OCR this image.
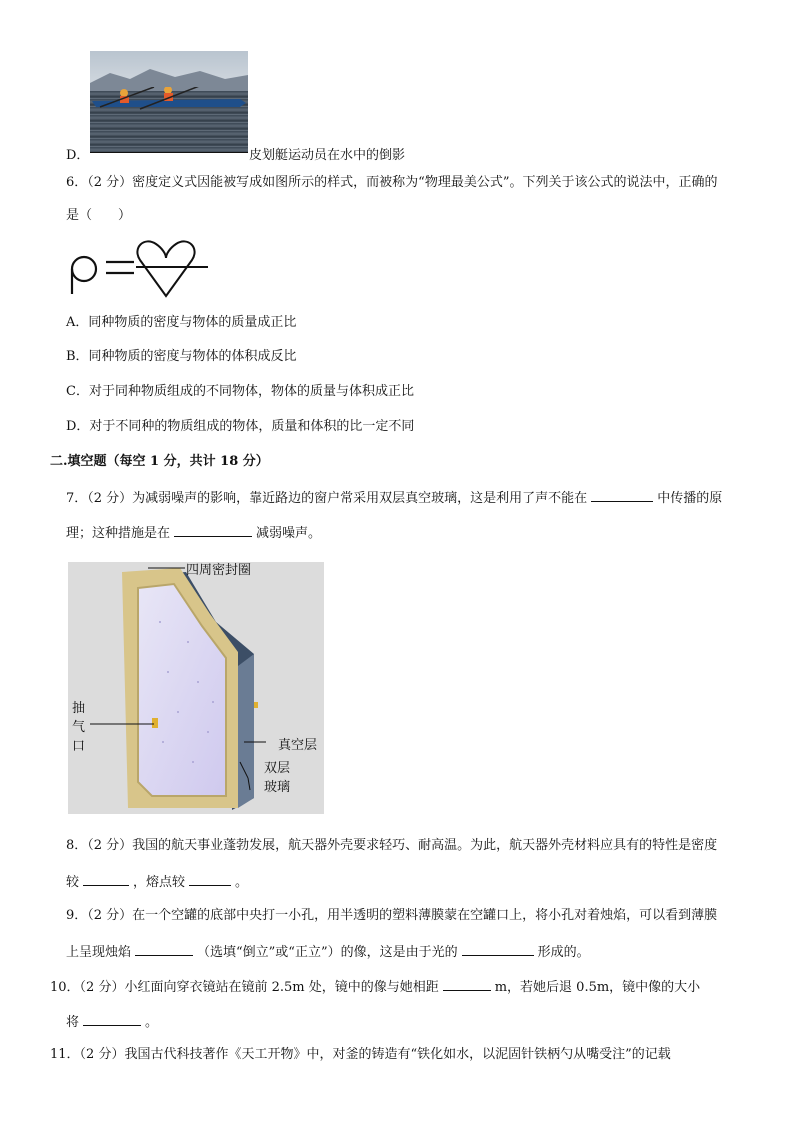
D．	皮划艇运动员在水中的倒影
6．（2 分）密度定义式因能被写成如图所示的样式，而被称为“物理最美公式”。下列关于该公式的说法中，正确的
是（　　）
A．同种物质的密度与物体的质量成正比
B．同种物质的密度与物体的体积成反比
C．对于同种物质组成的不同物体，物体的质量与体积成正比
D．对于不同种的物质组成的物体，质量和体积的比一定不同
二.填空题（每空 1 分，共计 18 分）
7．（2 分）为减弱噪声的影响，靠近路边的窗户常采用双层真空玻璃，这是利用了声不能在	中传播的原
理；这种措施是在	减弱噪声。
四周密封圈
抽
气
口	真空层
双层
玻璃
8．（2 分）我国的航天事业蓬勃发展，航天器外壳要求轻巧、耐高温。为此，航天器外壳材料应具有的特性是密度
较	，熔点较	。
9．（2 分）在一个空罐的底部中央打一小孔，用半透明的塑料薄膜蒙在空罐口上，将小孔对着烛焰，可以看到薄膜
上呈现烛焰	（选填“倒立”或“正立”）的像，这是由于光的	形成的。
10．（2 分）小红面向穿衣镜站在镜前 2.5m 处，镜中的像与她相距	m，若她后退 0.5m，镜中像的大小
将	。
11．（2 分）我国古代科技著作《天工开物》中，对釜的铸造有“铁化如水，以泥固针铁柄勺从嘴受注”的记载
